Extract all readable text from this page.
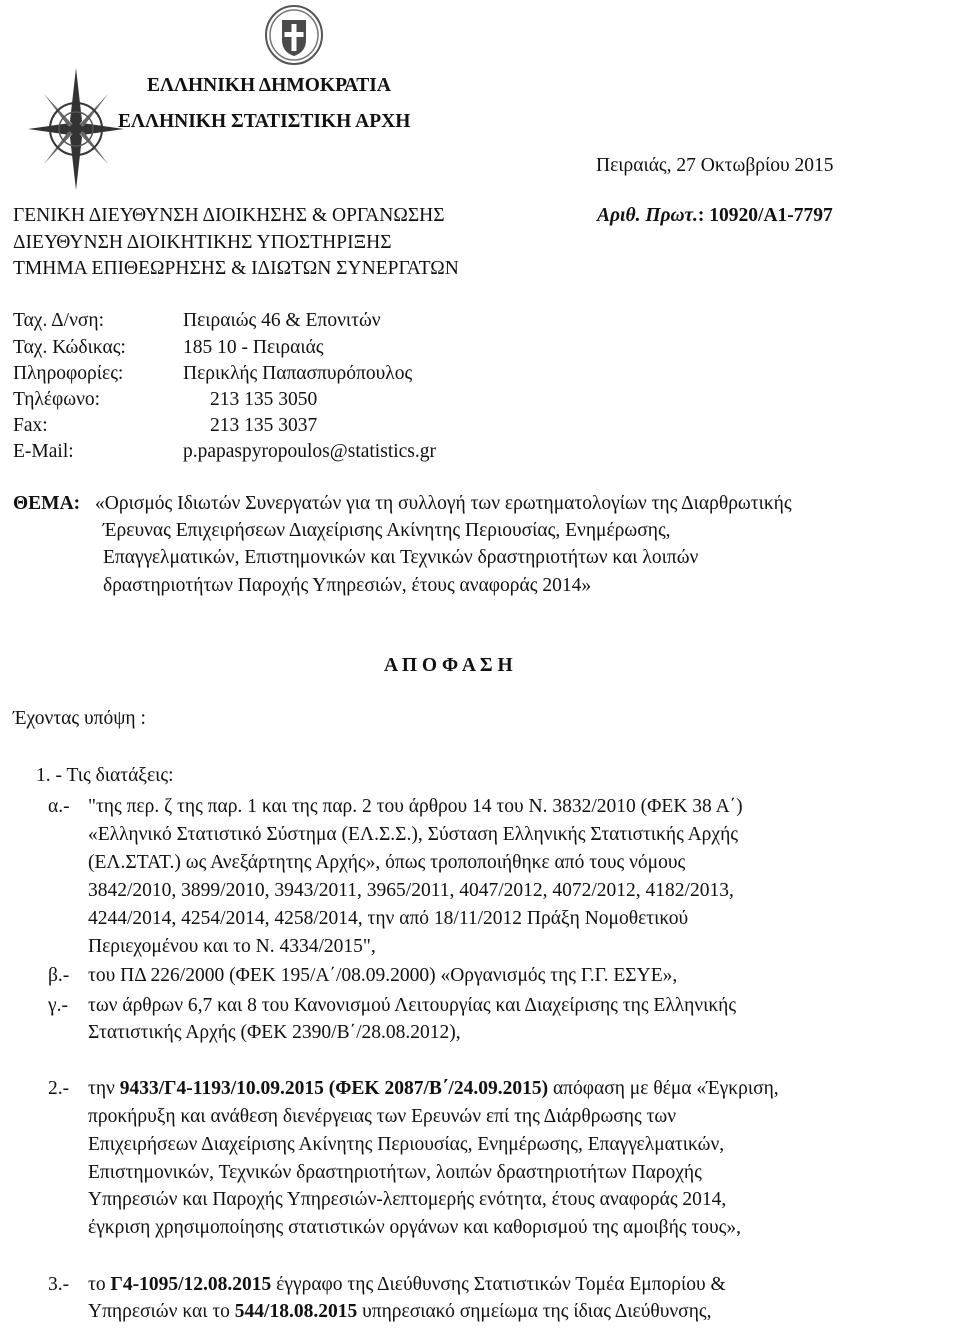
ΕΛΛΗΝΙΚΗ ΔΗΜΟΚΡΑΤΙΑ
ΕΛΛΗΝΙΚΗ ΣΤΑΤΙΣΤΙΚΗ ΑΡΧΗ
Πειραιάς, 27 Οκτωβρίου 2015
ΓΕΝΙΚΗ ΔΙΕΥΘΥΝΣΗ ΔΙΟΙΚΗΣΗΣ & ΟΡΓΑΝΩΣΗΣ	Αριθ. Πρωτ.: 10920/Α1-7797
ΔΙΕΥΘΥΝΣΗ ΔΙΟΙΚΗΤΙΚΗΣ ΥΠΟΣΤΗΡΙΞΗΣ
ΤΜΗΜΑ ΕΠΙΘΕΩΡΗΣΗΣ & ΙΔΙΩΤΩΝ ΣΥΝΕΡΓΑΤΩΝ
Ταχ. Δ/νση:	Πειραιώς 46 & Επονιτών
Ταχ. Κώδικας:	185 10 - Πειραιάς
Πληροφορίες:	Περικλής Παπασπυρόπουλος
Τηλέφωνο:	213 135 3050
Fax:	213 135 3037
E-Mail:	p.papaspyropoulos@statistics.gr
ΘΕΜΑ: «Ορισμός Ιδιωτών Συνεργατών για τη συλλογή των ερωτηματολογίων της Διαρθρωτικής
Έρευνας Επιχειρήσεων Διαχείρισης Ακίνητης Περιουσίας, Ενημέρωσης,
Επαγγελματικών, Επιστημονικών και Τεχνικών δραστηριοτήτων και λοιπών
δραστηριοτήτων Παροχής Υπηρεσιών, έτους αναφοράς 2014»
Α Π Ο Φ Α Σ Η
Έχοντας υπόψη :
1. - Τις διατάξεις:
α.- "της περ. ζ της παρ. 1 και της παρ. 2 του άρθρου 14 του Ν. 3832/2010 (ΦΕΚ 38 Α΄)
«Ελληνικό Στατιστικό Σύστημα (ΕΛ.Σ.Σ.), Σύσταση Ελληνικής Στατιστικής Αρχής
(ΕΛ.ΣΤΑΤ.) ως Ανεξάρτητης Αρχής», όπως τροποποιήθηκε από τους νόμους
3842/2010, 3899/2010, 3943/2011, 3965/2011, 4047/2012, 4072/2012, 4182/2013,
4244/2014, 4254/2014, 4258/2014, την από 18/11/2012 Πράξη Νομοθετικού
Περιεχομένου και το Ν. 4334/2015",
β.- του ΠΔ 226/2000 (ΦΕΚ 195/Α΄/08.09.2000) «Οργανισμός της Γ.Γ. ΕΣΥΕ»,
γ.- των άρθρων 6,7 και 8 του Κανονισμού Λειτουργίας και Διαχείρισης της Ελληνικής
Στατιστικής Αρχής (ΦΕΚ 2390/Β΄/28.08.2012),
2.- την 9433/Γ4-1193/10.09.2015 (ΦΕΚ 2087/Β΄/24.09.2015) απόφαση με θέμα «Έγκριση,
προκήρυξη και ανάθεση διενέργειας των Ερευνών επί της Διάρθρωσης των
Επιχειρήσεων Διαχείρισης Ακίνητης Περιουσίας, Ενημέρωσης, Επαγγελματικών,
Επιστημονικών, Τεχνικών δραστηριοτήτων, λοιπών δραστηριοτήτων Παροχής
Υπηρεσιών και Παροχής Υπηρεσιών-λεπτομερής ενότητα, έτους αναφοράς 2014,
έγκριση χρησιμοποίησης στατιστικών οργάνων και καθορισμού της αμοιβής τους»,
3.- το Γ4-1095/12.08.2015 έγγραφο της Διεύθυνσης Στατιστικών Τομέα Εμπορίου &
Υπηρεσιών και το 544/18.08.2015 υπηρεσιακό σημείωμα της ίδιας Διεύθυνσης,
